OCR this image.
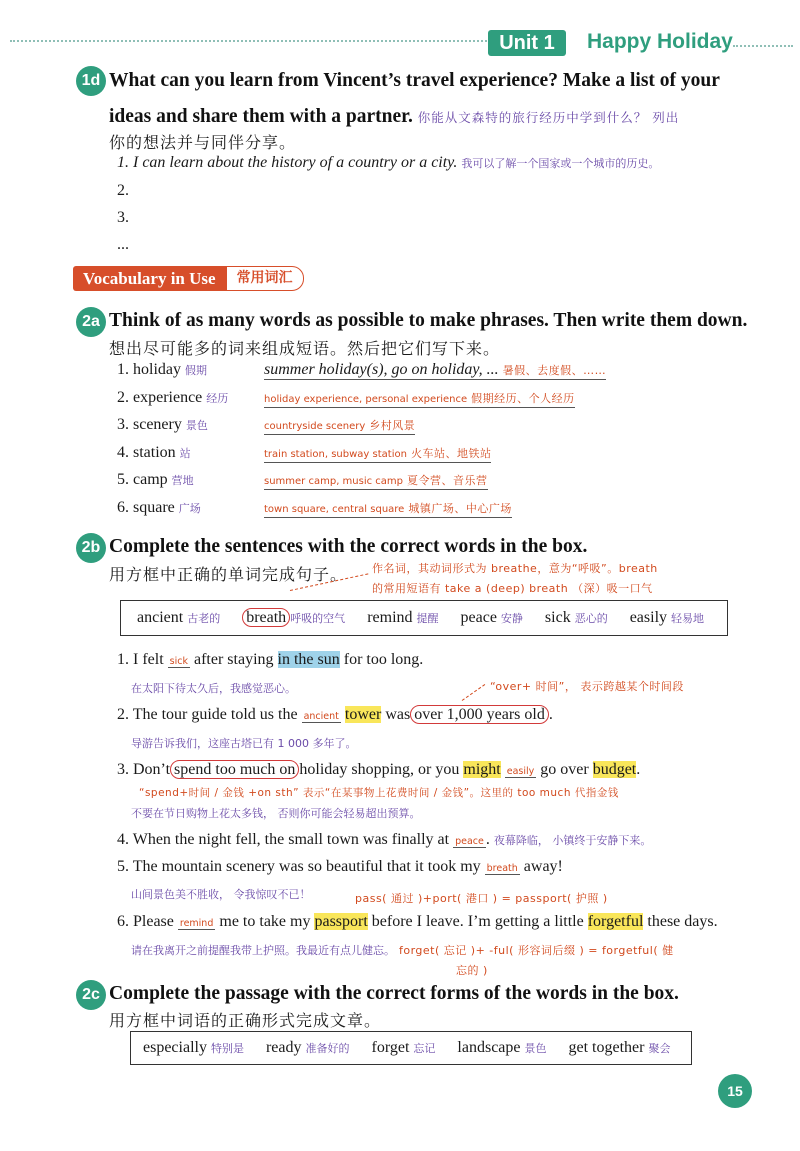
Unit 1	Happy Holiday
1d What can you learn from Vincent’s travel experience? Make a list of your
ideas and share them with a partner. 你能从文森特的旅行经历中学到什么？ 列出
你的想法并与同伴分享。
1. I can learn about the history of a country or a city. 我可以了解一个国家或一个城市的历史。
2.
3.
...
Vocabulary in Use	常用词汇
2a Think of as many words as possible to make phrases. Then write them down.
想出尽可能多的词来组成短语。然后把它们写下来。
1. holiday 假期	summer holiday(s), go on holiday, ... 暑假、去度假、……
2. experience 经历	holiday experience, personal experience 假期经历、个人经历
3. scenery 景色	countryside scenery 乡村风景
4. station 站	train station, subway station 火车站、地铁站
5. camp 营地	summer camp, music camp 夏令营、音乐营
6. square 广场	town square, central square 城镇广场、中心广场
2b Complete the sentences with the correct words in the box.
用方框中正确的单词完成句子。 作名词，其动词形式为 breathe，意为“呼吸”。breath
的常用短语有 take a (deep) breath （深）吸一口气
ancient 古老的 breath 呼吸的空气 remind 提醒 peace 安静 sick 恶心的 easily 轻易地
1. I felt sick after staying in the sun for too long.
在太阳下待太久后，我感觉恶心。	“over+ 时间”， 表示跨越某个时间段
2. The tour guide told us the ancient tower was over 1,000 years old .
导游告诉我们，这座古塔已有 1 000 多年了。
3. Don’t spend too much on holiday shopping, or you might easily go over budget.
“spend+时间 / 金钱 +on sth” 表示“在某事物上花费时间 / 金钱”。这里的 too much 代指金钱
不要在节日购物上花太多钱， 否则你可能会轻易超出预算。
4. When the night fell, the small town was finally at peace . 夜幕降临， 小镇终于安静下来。
5. The mountain scenery was so beautiful that it took my breath away!
山间景色美不胜收， 令我惊叹不已！	pass( 通过 )+port( 港口 ) = passport( 护照 )
6. Please remind me to take my passport before I leave. I’m getting a little forgetful these days.
请在我离开之前提醒我带上护照。我最近有点儿健忘。 forget( 忘记 )+ -ful( 形容词后缀 ) = forgetful( 健
忘的 )
2c Complete the passage with the correct forms of the words in the box.
用方框中词语的正确形式完成文章。
especially 特别是 ready 准备好的 forget 忘记 landscape 景色 get together 聚会
15
